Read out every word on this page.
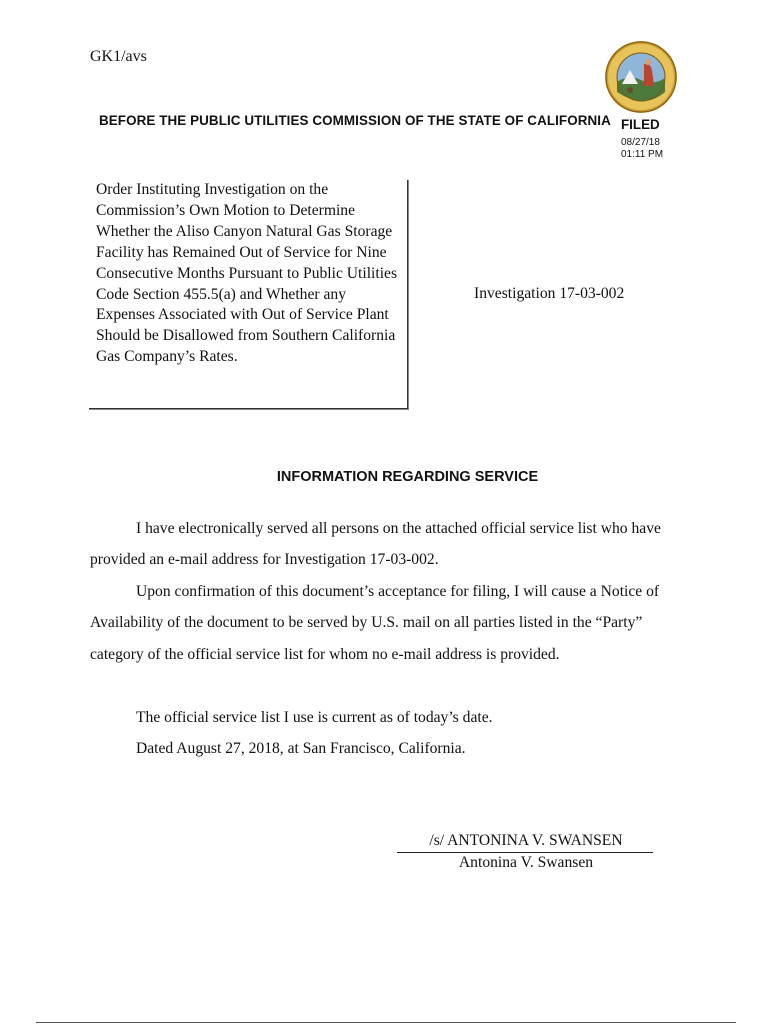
GK1/avs
BEFORE THE PUBLIC UTILITIES COMMISSION OF THE STATE OF CALIFORNIA FILED
08/27/18
01:11 PM
Order Instituting Investigation on the Commission’s Own Motion to Determine Whether the Aliso Canyon Natural Gas Storage Facility has Remained Out of Service for Nine Consecutive Months Pursuant to Public Utilities Code Section 455.5(a) and Whether any Expenses Associated with Out of Service Plant Should be Disallowed from Southern California Gas Company’s Rates.
Investigation 17-03-002
INFORMATION REGARDING SERVICE
I have electronically served all persons on the attached official service list who have provided an e-mail address for Investigation 17-03-002.
Upon confirmation of this document’s acceptance for filing, I will cause a Notice of Availability of the document to be served by U.S. mail on all parties listed in the “Party” category of the official service list for whom no e-mail address is provided.
The official service list I use is current as of today’s date.
Dated August 27, 2018, at San Francisco, California.
/s/ ANTONINA V. SWANSEN
Antonina V. Swansen
